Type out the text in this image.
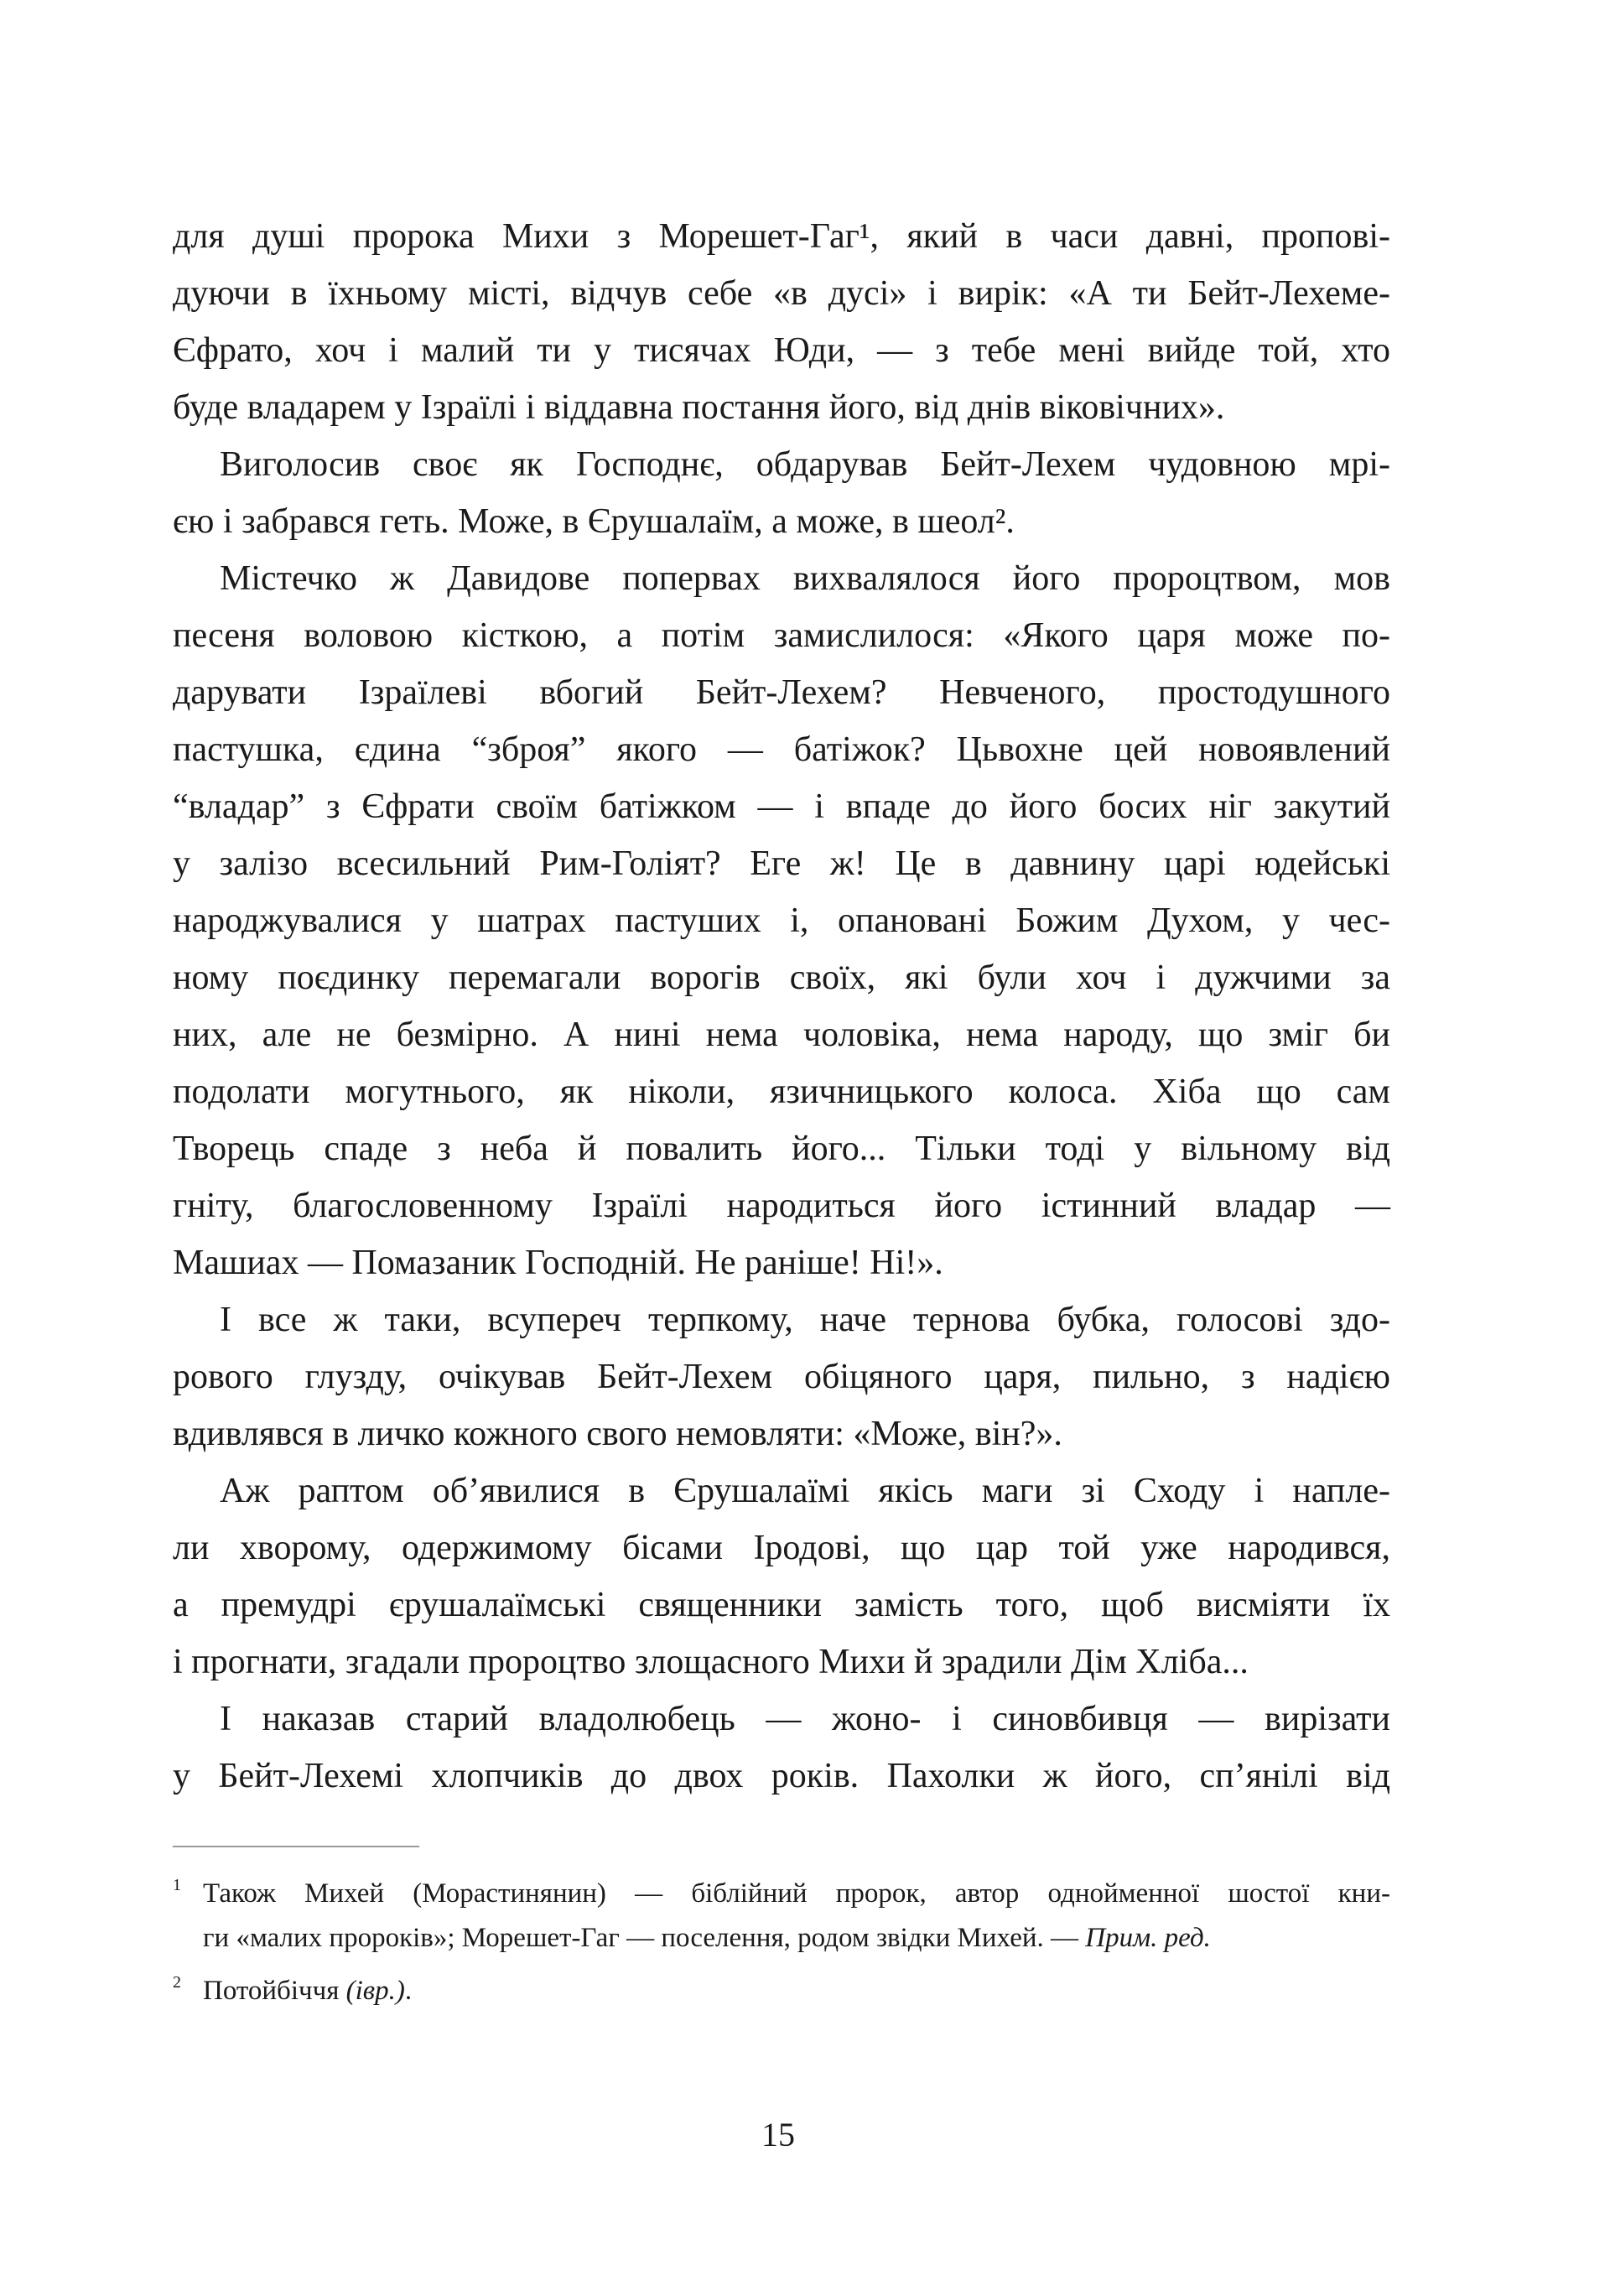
для душі пророка Михи з Морешет-Гаг¹, який в часи давні, пропові-
дуючи в їхньому місті, відчув себе «в дусі» і вирік: «А ти Бейт-Лехеме-
Єфрато, хоч і малий ти у тисячах Юди, — з тебе мені вийде той, хто
буде владарем у Ізраїлі і віддавна постання його, від днів віковічних».
Виголосив своє як Господнє, обдарував Бейт-Лехем чудовною мрі-
єю і забрався геть. Може, в Єрушалаїм, а може, в шеол².
Містечко ж Давидове попервах вихвалялося його пророцтвом, мов
песеня воловою кісткою, а потім замислилося: «Якого царя може по-
дарувати Ізраїлеві вбогий Бейт-Лехем? Невченого, простодушного
пастушка, єдина “зброя” якого — батіжок? Цьвохне цей новоявлений
“владар” з Єфрати своїм батіжком — і впаде до його босих ніг закутий
у залізо всесильний Рим-Голіят? Еге ж! Це в давнину царі юдейські
народжувалися у шатрах пастуших і, опановані Божим Духом, у чес-
ному поєдинку перемагали ворогів своїх, які були хоч і дужчими за
них, але не безмірно. А нині нема чоловіка, нема народу, що зміг би
подолати могутнього, як ніколи, язичницького колоса. Хіба що сам
Творець спаде з неба й повалить його... Тільки тоді у вільному від
гніту, благословенному Ізраїлі народиться його істинний владар —
Машиах — Помазаник Господній. Не раніше! Ні!».
І все ж таки, всупереч терпкому, наче тернова бубка, голосові здо-
рового глузду, очікував Бейт-Лехем обіцяного царя, пильно, з надією
вдивлявся в личко кожного свого немовляти: «Може, він?».
Аж раптом об’явилися в Єрушалаїмі якісь маги зі Сходу і напле-
ли хворому, одержимому бісами Іродові, що цар той уже народився,
а премудрі єрушалаїмські священники замість того, щоб висміяти їх
і прогнати, згадали пророцтво злощасного Михи й зрадили Дім Хліба...
І наказав старий владолюбець — жоно- і синовбивця — вирізати
у Бейт-Лехемі хлопчиків до двох років. Пахолки ж його, сп’янілі від
1 Також Михей (Морастинянин) — біблійний пророк, автор однойменної шостої кни-
ги «малих пророків»; Морешет-Гаг — поселення, родом звідки Михей. — Прим. ред.
2 Потойбіччя (івр.).
15
